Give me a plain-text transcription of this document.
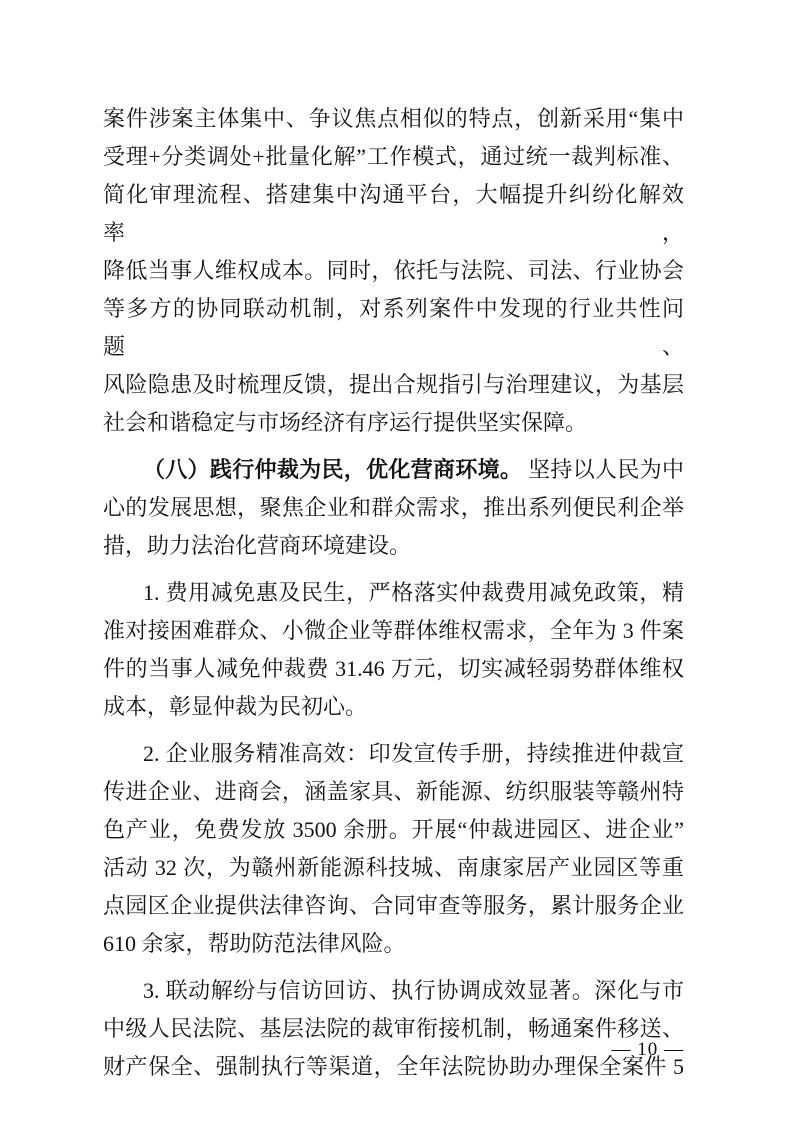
案件涉案主体集中、争议焦点相似的特点，创新采用“集中
受理+分类调处+批量化解”工作模式，通过统一裁判标准、
简化审理流程、搭建集中沟通平台，大幅提升纠纷化解效率，
降低当事人维权成本。同时，依托与法院、司法、行业协会
等多方的协同联动机制，对系列案件中发现的行业共性问题、
风险隐患及时梳理反馈，提出合规指引与治理建议，为基层
社会和谐稳定与市场经济有序运行提供坚实保障。

（八）践行仲裁为民，优化营商环境。 坚持以人民为中
心的发展思想，聚焦企业和群众需求，推出系列便民利企举
措，助力法治化营商环境建设。

1. 费用减免惠及民生，严格落实仲裁费用减免政策，精
准对接困难群众、小微企业等群体维权需求，全年为 3 件案
件的当事人减免仲裁费 31.46 万元，切实减轻弱势群体维权
成本，彰显仲裁为民初心。

2. 企业服务精准高效：印发宣传手册，持续推进仲裁宣
传进企业、进商会，涵盖家具、新能源、纺织服装等赣州特
色产业，免费发放 3500 余册。开展“仲裁进园区、进企业”
活动 32 次，为赣州新能源科技城、南康家居产业园区等重
点园区企业提供法律咨询、合同审查等服务，累计服务企业
610 余家，帮助防范法律风险。

3. 联动解纷与信访回访、执行协调成效显著。深化与市
中级人民法院、基层法院的裁审衔接机制，畅通案件移送、
财产保全、强制执行等渠道，全年法院协助办理保全案件 5

— 10 —
